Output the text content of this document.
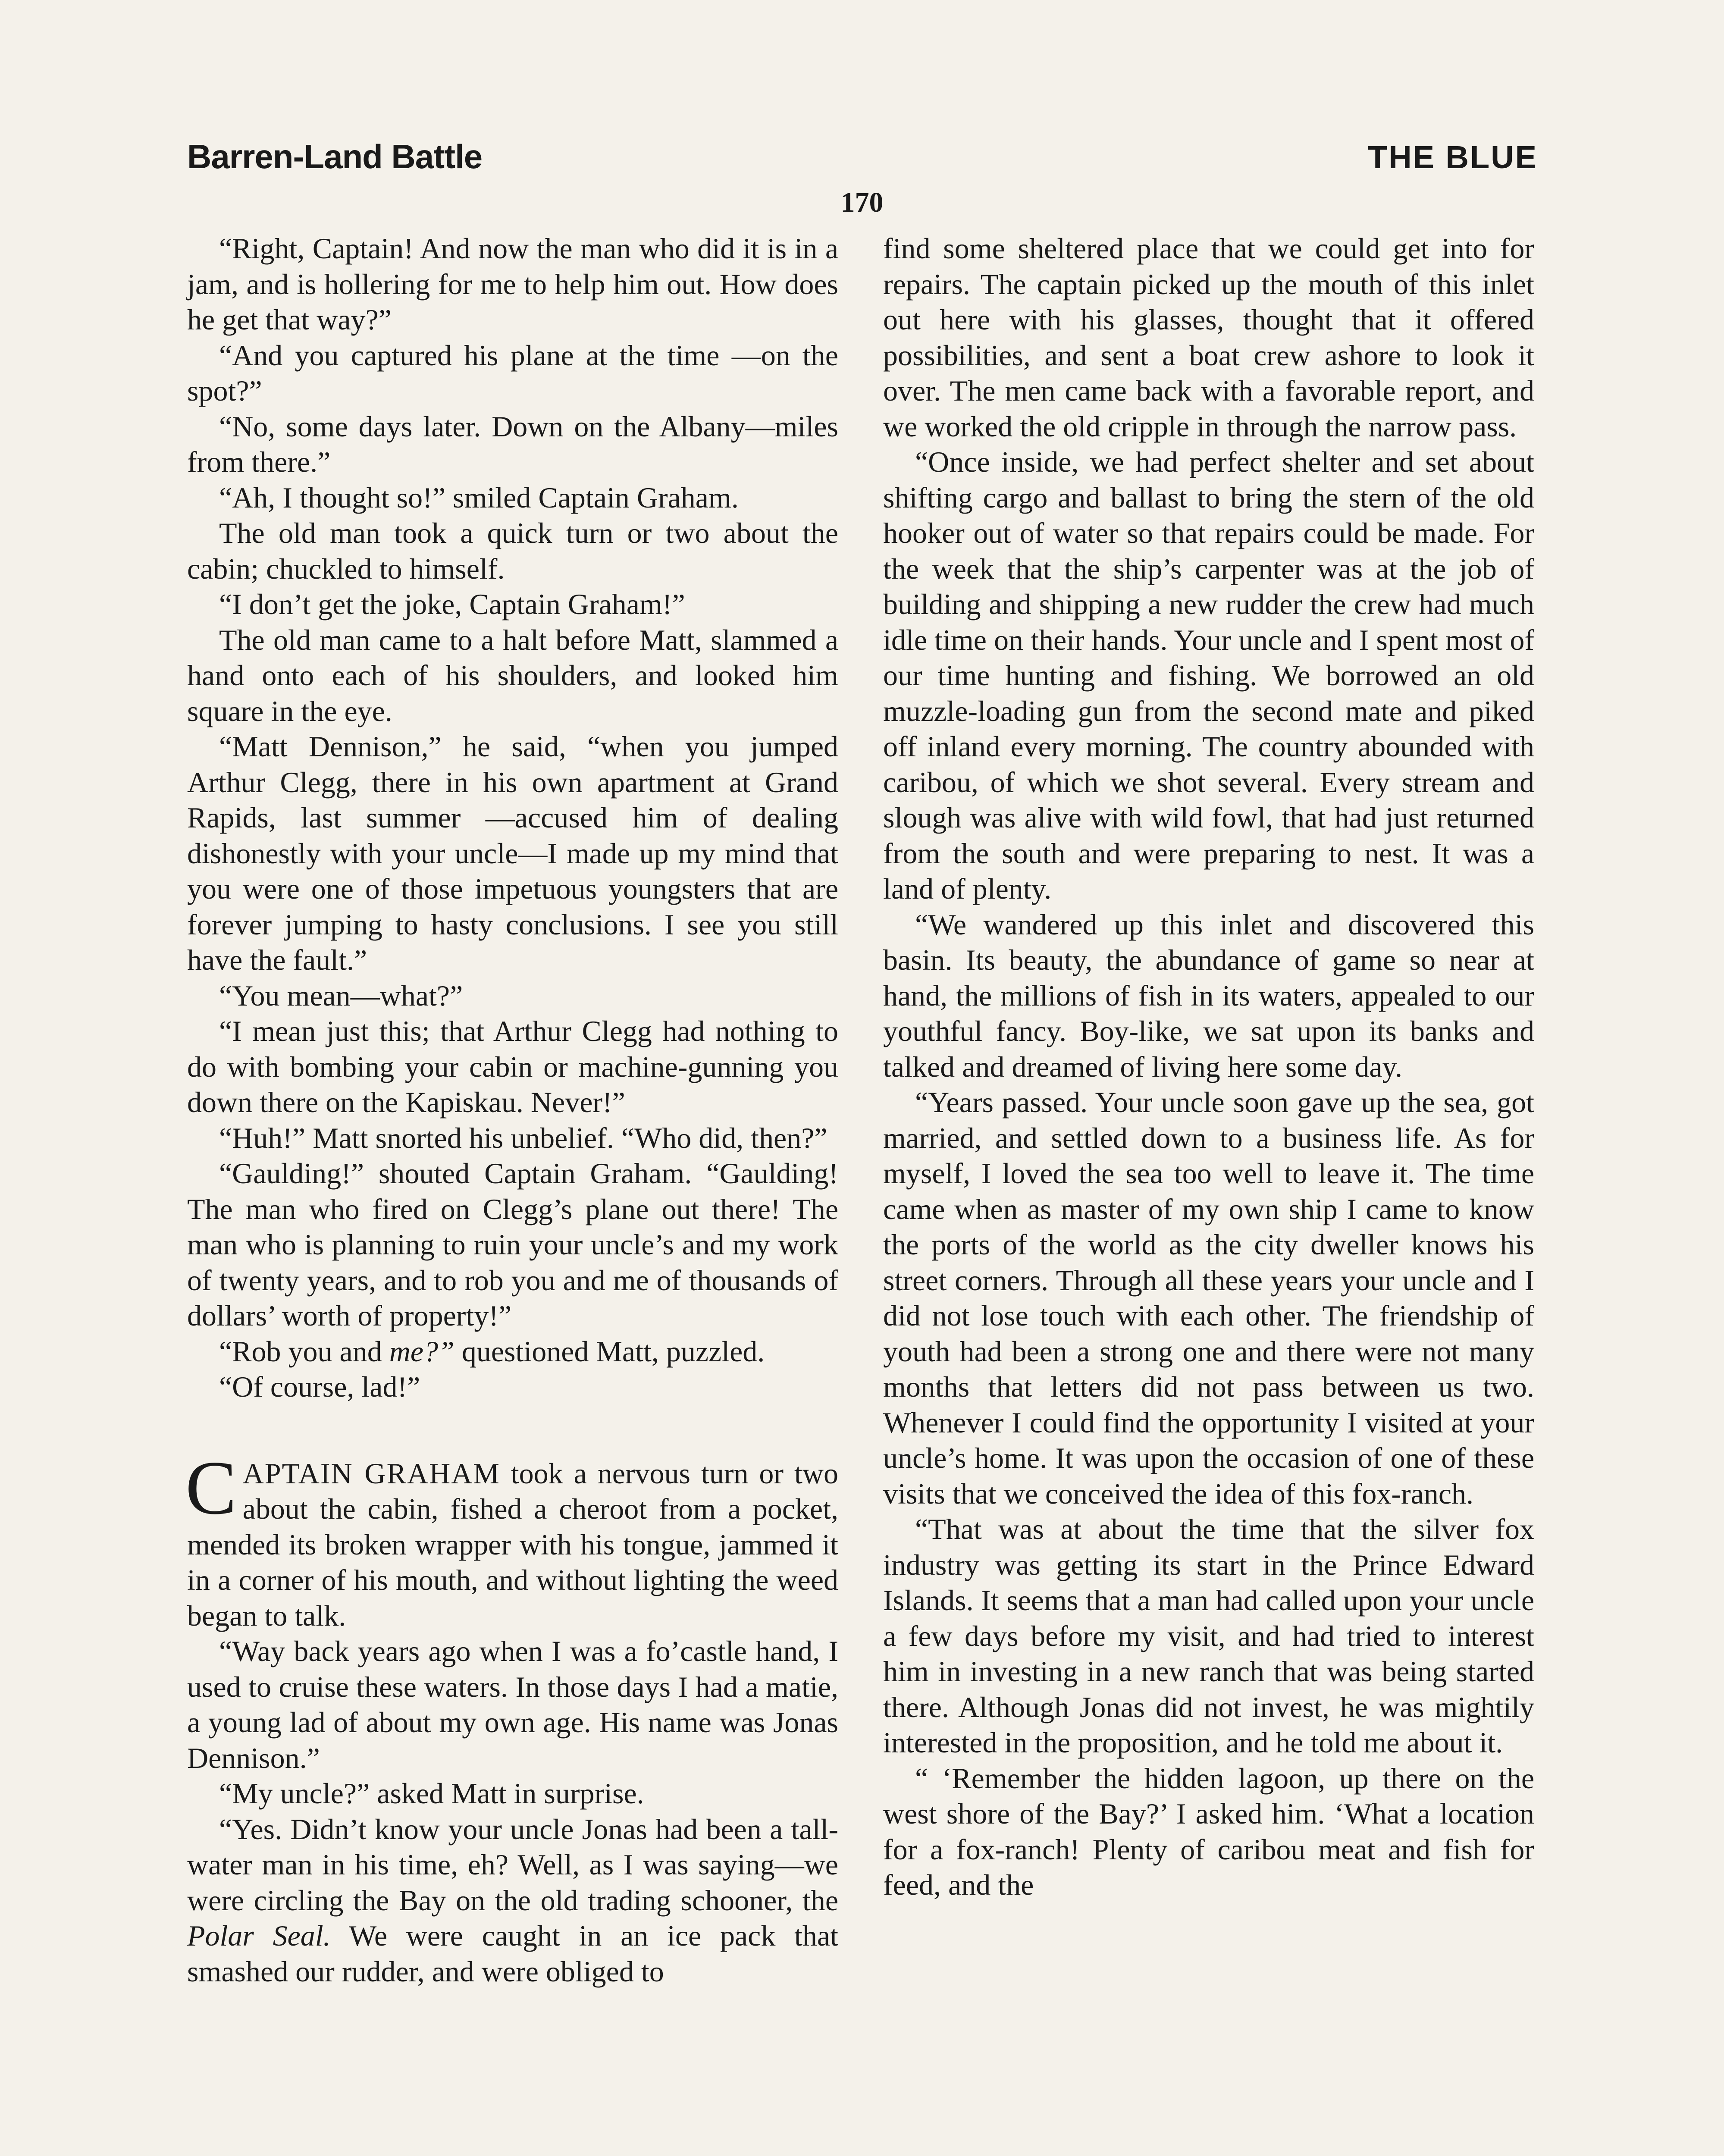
Barren-Land Battle	THE BLUE
170

“Right, Captain! And now the man who did it is in a jam, and is hollering for me to help him out. How does he get that way?”

“And you captured his plane at the time —on the spot?”

“No, some days later. Down on the Albany—miles from there.”

“Ah, I thought so!” smiled Captain Graham.

The old man took a quick turn or two about the cabin; chuckled to himself.

“I don’t get the joke, Captain Graham!”

The old man came to a halt before Matt, slammed a hand onto each of his shoulders, and looked him square in the eye.

“Matt Dennison,” he said, “when you jumped Arthur Clegg, there in his own apartment at Grand Rapids, last summer —accused him of dealing dishonestly with your uncle—I made up my mind that you were one of those impetuous youngsters that are forever jumping to hasty conclusions. I see you still have the fault.”

“You mean—what?”

“I mean just this; that Arthur Clegg had nothing to do with bombing your cabin or machine-gunning you down there on the Kapiskau. Never!”

“Huh!” Matt snorted his unbelief. “Who did, then?”

“Gaulding!” shouted Captain Graham. “Gaulding! The man who fired on Clegg’s plane out there! The man who is planning to ruin your uncle’s and my work of twenty years, and to rob you and me of thousands of dollars’ worth of property!”

“Rob you and me?” questioned Matt, puzzled.

“Of course, lad!”

CAPTAIN GRAHAM took a nervous turn or two about the cabin, fished a cheroot from a pocket, mended its broken wrapper with his tongue, jammed it in a corner of his mouth, and without lighting the weed began to talk.

“Way back years ago when I was a fo’castle hand, I used to cruise these waters. In those days I had a matie, a young lad of about my own age. His name was Jonas Dennison.”

“My uncle?” asked Matt in surprise.

“Yes. Didn’t know your uncle Jonas had been a tall-water man in his time, eh? Well, as I was saying—we were circling the Bay on the old trading schooner, the Polar Seal. We were caught in an ice pack that smashed our rudder, and were obliged to

find some sheltered place that we could get into for repairs. The captain picked up the mouth of this inlet out here with his glasses, thought that it offered possibilities, and sent a boat crew ashore to look it over. The men came back with a favorable report, and we worked the old cripple in through the narrow pass.

“Once inside, we had perfect shelter and set about shifting cargo and ballast to bring the stern of the old hooker out of water so that repairs could be made. For the week that the ship’s carpenter was at the job of building and shipping a new rudder the crew had much idle time on their hands. Your uncle and I spent most of our time hunting and fishing. We borrowed an old muzzle-loading gun from the second mate and piked off inland every morning. The country abounded with caribou, of which we shot several. Every stream and slough was alive with wild fowl, that had just returned from the south and were preparing to nest. It was a land of plenty.

“We wandered up this inlet and discovered this basin. Its beauty, the abundance of game so near at hand, the millions of fish in its waters, appealed to our youthful fancy. Boy-like, we sat upon its banks and talked and dreamed of living here some day.

“Years passed. Your uncle soon gave up the sea, got married, and settled down to a business life. As for myself, I loved the sea too well to leave it. The time came when as master of my own ship I came to know the ports of the world as the city dweller knows his street corners. Through all these years your uncle and I did not lose touch with each other. The friendship of youth had been a strong one and there were not many months that letters did not pass between us two. Whenever I could find the opportunity I visited at your uncle’s home. It was upon the occasion of one of these visits that we conceived the idea of this fox-ranch.

“That was at about the time that the silver fox industry was getting its start in the Prince Edward Islands. It seems that a man had called upon your uncle a few days before my visit, and had tried to interest him in investing in a new ranch that was being started there. Although Jonas did not invest, he was mightily interested in the proposition, and he told me about it.

“ ‘Remember the hidden lagoon, up there on the west shore of the Bay?’ I asked him. ‘What a location for a fox-ranch! Plenty of caribou meat and fish for feed, and the
